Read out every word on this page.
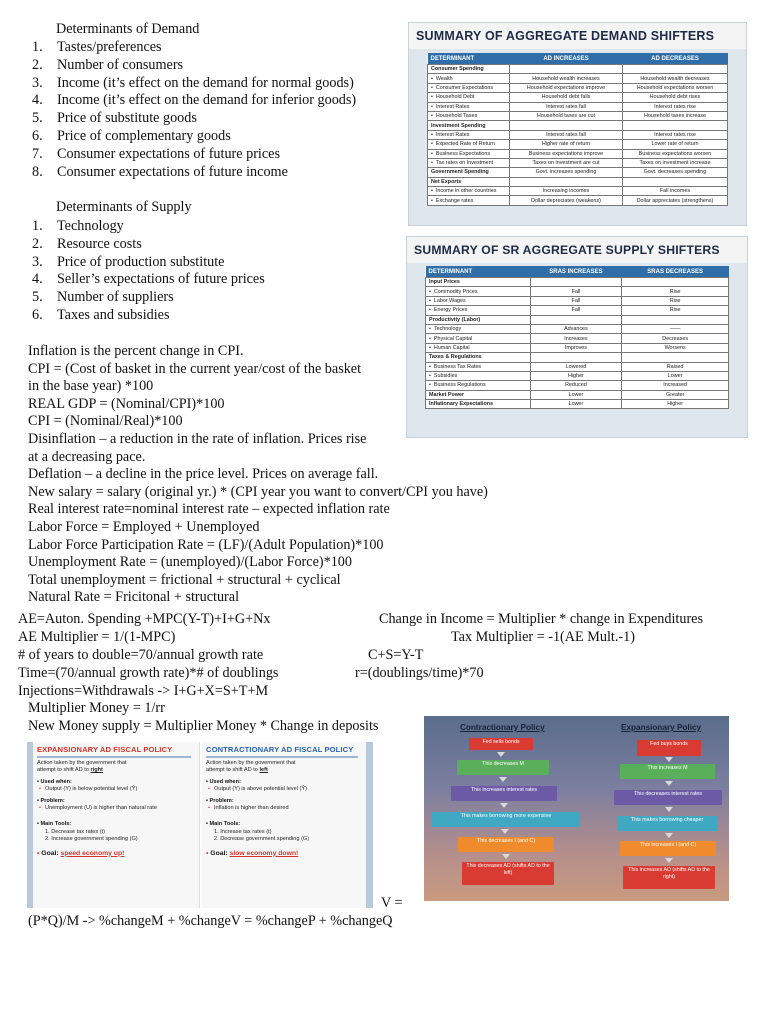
Determinants of Demand
1. Tastes/preferences
2. Number of consumers
3. Income (it’s effect on the demand for normal goods)
4. Income (it’s effect on the demand for inferior goods)
5. Price of substitute goods
6. Price of complementary goods
7. Consumer expectations of future prices
8. Consumer expectations of future income
Determinants of Supply
1. Technology
2. Resource costs
3. Price of production substitute
4. Seller’s expectations of future prices
5. Number of suppliers
6. Taxes and subsidies
Inflation is the percent change in CPI.
CPI = (Cost of basket in the current year/cost of the basket
in the base year) *100
REAL GDP = (Nominal/CPI)*100
CPI = (Nominal/Real)*100
Disinflation – a reduction in the rate of inflation. Prices rise
at a decreasing pace.
Deflation – a decline in the price level. Prices on average fall.
New salary = salary (original yr.) * (CPI year you want to convert/CPI you have)
Real interest rate=nominal interest rate – expected inflation rate
Labor Force = Employed + Unemployed
Labor Force Participation Rate = (LF)/(Adult Population)*100
Unemployment Rate = (unemployed)/(Labor Force)*100
Total unemployment = frictional + structural + cyclical
Natural Rate = Fricitonal + structural
AE=Auton. Spending +MPC(Y-T)+I+G+Nx	Change in Income = Multiplier * change in Expenditures
AE Multiplier = 1/(1-MPC)	Tax Multiplier = -1(AE Mult.-1)
# of years to double=70/annual growth rate	C+S=Y-T
Time=(70/annual growth rate)*# of doublings	r=(doublings/time)*70
Injections=Withdrawals -> I+G+X=S+T+M
Multiplier Money = 1/rr
New Money supply = Multiplier Money * Change in deposits
V =
(P*Q)/M -> %changeM + %changeV = %changeP + %changeQ
SUMMARY OF AGGREGATE DEMAND SHIFTERS
DETERMINANT	AD INCREASES	AD DECREASES
Consumer Spending		
•  Wealth	Household wealth increases	Household wealth decreases
•  Consumer Expectations	Household expectations improve	Household expectations worsen
•  Household Debt	Household debt falls	Household debt rises
•  Interest Rates	Interest rates fall	Interest rates rise
•  Household Taxes	Household taxes are cut	Household taxes increase
Investment Spending		
•  Interest Rates	Interest rates fall	Interest rates rise
•  Expected Rate of Return	Higher rate of return	Lower rate of return
•  Business Expectations	Business expectations improve	Business expectations worsen
•  Tax rates on Investment	Taxes on investment are cut	Taxes on investment increase
Government Spending	Govt. increases spending	Govt. decreases spending
Net Exports		
•  Income in other countries	Increasing incomes	Fall incomes
•  Exchange rates	Dollar depreciates (weakens)	Dollar appreciates (strengthens)
SUMMARY OF SR AGGREGATE SUPPLY SHIFTERS
DETERMINANT	SRAS INCREASES	SRAS DECREASES
Input Prices		
•  Commodity Prices	Fall	Rise
•  Labor Wages	Fall	Rise
•  Energy Prices	Fall	Rise
Productivity (Labor)		
•  Technology	Advances	——
•  Physical Capital	Increases	Decreases
•  Human Capital	Improves	Worsens
Taxes & Regulations		
•  Business Tax Rates	Lowered	Raised
•  Subsidies	Higher	Lower
•  Business Regulations	Reduced	Increased
Market Power	Lower	Greater
Inflationary Expectations	Lower	Higher
EXPANSIONARY AD FISCAL POLICY
Action taken by the government that
attempt to shift AD to right
• Used when:
• Output (Y) is below potential level (Ŷ)
• Problem:
• Unemployment (U) is higher than natural rate
• Main Tools:
1. Decrease tax rates (t)
2. Increase government spending (G)
• Goal: speed economy up!
CONTRACTIONARY AD FISCAL POLICY
Action taken by the government that
attempt to shift AD to left
• Used when:
• Output (Y) is above potential level (Ŷ)
• Problem:
• Inflation is higher than desired
• Main Tools:
1. Increase tax rates (t)
2. Decrease government spending (G)
• Goal: slow economy down!
Contractionary Policy	Expansionary Policy
Fed sells bonds
This decreases M
This increases interest rates
This makes borrowing more expensive
This decreases I (and C)
This decreases AD (shifts AD to the left)
Fed buys bonds
This increases M
This decreases interest rates
This makes borrowing cheaper
This increases I (and C)
This increases AD (shifts AD to the right)
